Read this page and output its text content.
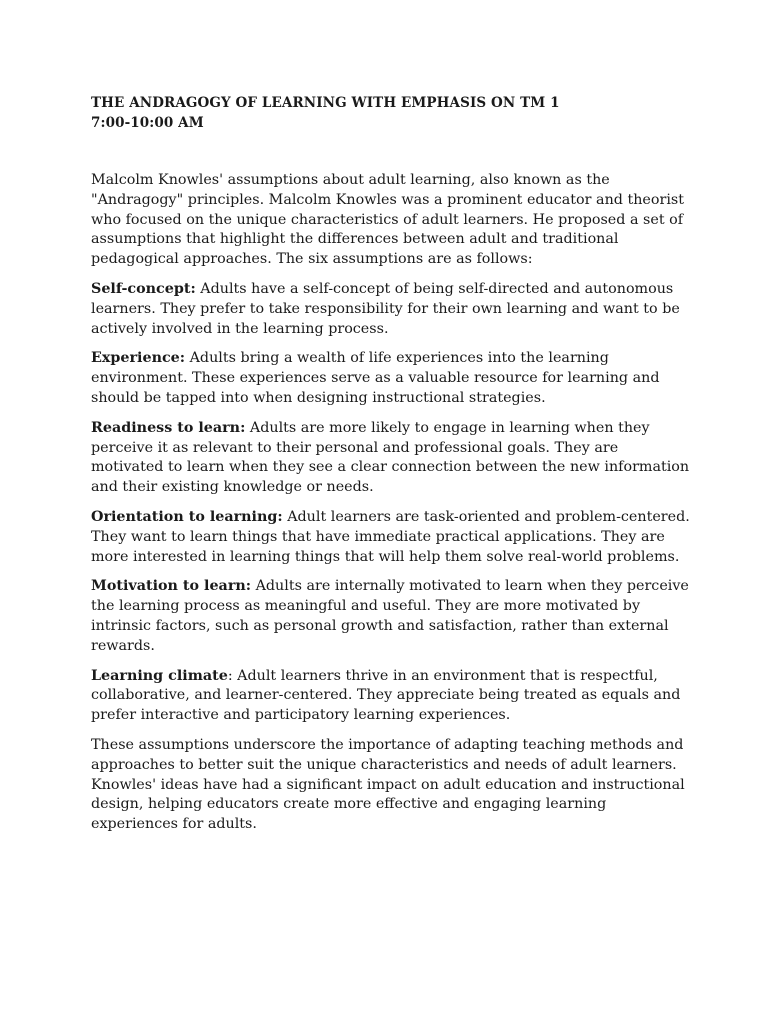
THE ANDRAGOGY OF LEARNING WITH EMPHASIS ON TM 1
7:00-10:00 AM

Malcolm Knowles' assumptions about adult learning, also known as the "Andragogy" principles. Malcolm Knowles was a prominent educator and theorist who focused on the unique characteristics of adult learners. He proposed a set of assumptions that highlight the differences between adult and traditional pedagogical approaches. The six assumptions are as follows:

Self-concept: Adults have a self-concept of being self-directed and autonomous learners. They prefer to take responsibility for their own learning and want to be actively involved in the learning process.

Experience: Adults bring a wealth of life experiences into the learning environment. These experiences serve as a valuable resource for learning and should be tapped into when designing instructional strategies.

Readiness to learn: Adults are more likely to engage in learning when they perceive it as relevant to their personal and professional goals. They are motivated to learn when they see a clear connection between the new information and their existing knowledge or needs.

Orientation to learning: Adult learners are task-oriented and problem-centered. They want to learn things that have immediate practical applications. They are more interested in learning things that will help them solve real-world problems.

Motivation to learn: Adults are internally motivated to learn when they perceive the learning process as meaningful and useful. They are more motivated by intrinsic factors, such as personal growth and satisfaction, rather than external rewards.

Learning climate: Adult learners thrive in an environment that is respectful, collaborative, and learner-centered. They appreciate being treated as equals and prefer interactive and participatory learning experiences.

These assumptions underscore the importance of adapting teaching methods and approaches to better suit the unique characteristics and needs of adult learners. Knowles' ideas have had a significant impact on adult education and instructional design, helping educators create more effective and engaging learning experiences for adults.
